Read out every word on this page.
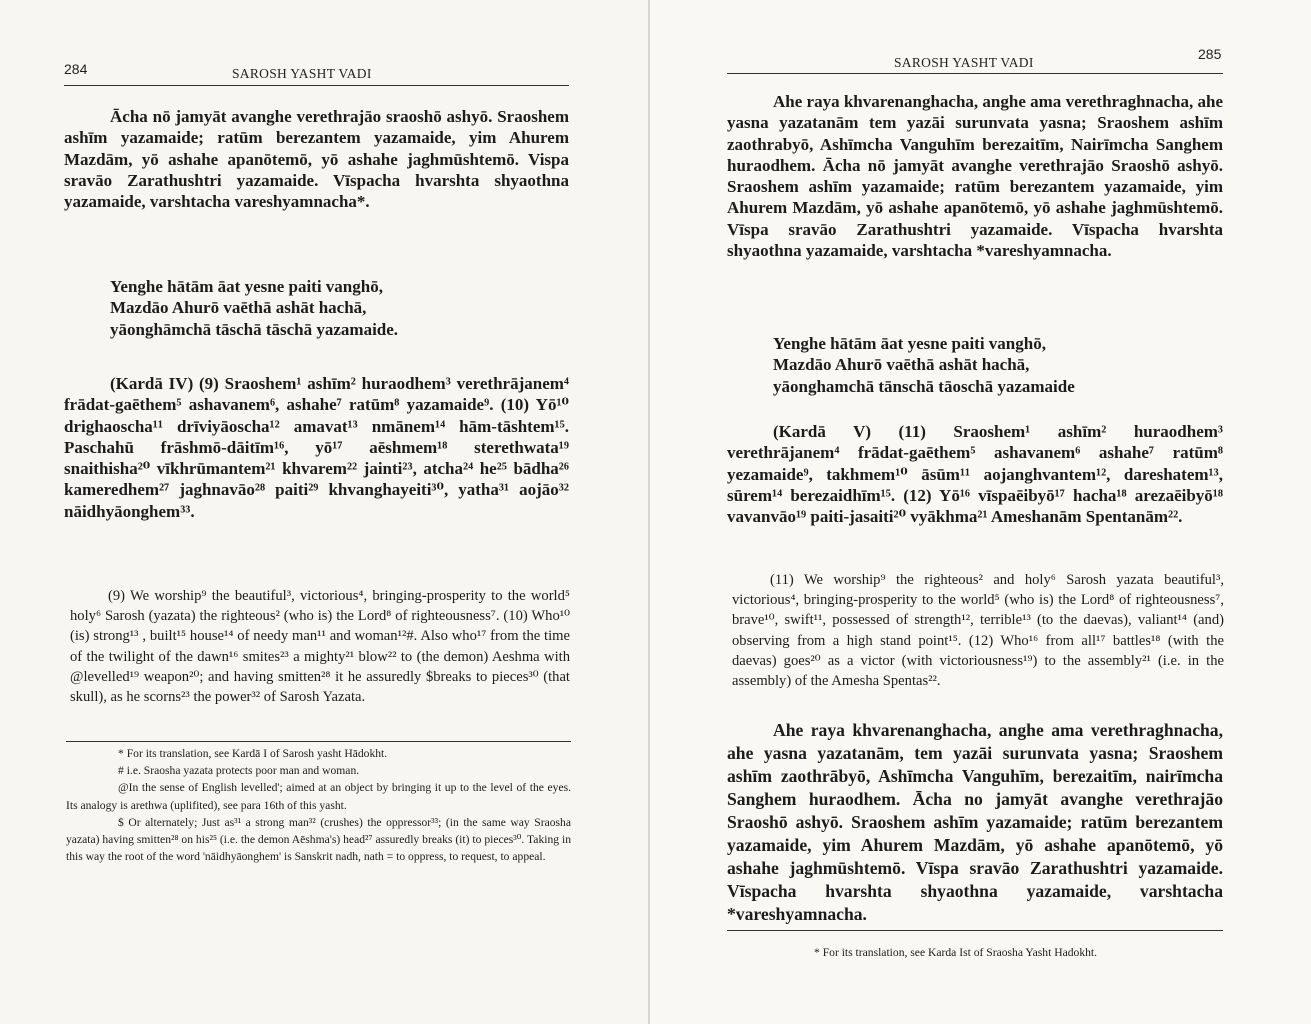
284	SAROSH YASHT VADI
Ācha nō jamyāt avanghe verethrajāo sraoshō ashyō. Sraoshem ashīm yazamaide; ratūm berezantem yazamaide, yim Ahurem Mazdām, yō ashahe apanōtemō, yō ashahe jaghmūshtemō. Vispa sravāo Zarathushtri yazamaide. Vīspacha hvarshta shyaothna yazamaide, varshtacha vareshyamnacha*.
Yenghe hātām āat yesne paiti vanghō,
Mazdāo Ahurō vaēthā ashāt hachā,
yāonghāmchā tāschā tāschā yazamaide.
(Kardā IV) (9) Sraoshem¹ ashīm² huraodhem³ verethrājanem⁴ frādat-gaēthem⁵ ashavanem⁶, ashahe⁷ ratūm⁸ yazamaide⁹. (10) Yō¹⁰ drighaoscha¹¹ drīviyāoscha¹² amavat¹³ nmānem¹⁴ hām-tāshtem¹⁵. Paschahū frāshmō-dāitīm¹⁶, yō¹⁷ aēshmem¹⁸ sterethwata¹⁹ snaithisha²⁰ vīkhrūmantem²¹ khvarem²² jainti²³, atcha²⁴ he²⁵ bādha²⁶ kameredhem²⁷ jaghnavāo²⁸ paiti²⁹ khvanghayeiti³⁰, yatha³¹ aojāo³² nāidhyāonghem³³.
(9) We worship⁹ the beautiful³, victorious⁴, bringing-prosperity to the world⁵ holy⁶ Sarosh (yazata) the righteous² (who is) the Lord⁸ of righteousness⁷. (10) Who¹⁰ (is) strong¹³ , built¹⁵ house¹⁴ of needy man¹¹ and woman¹²#. Also who¹⁷ from the time of the twilight of the dawn¹⁶ smites²³ a mighty²¹ blow²² to (the demon) Aeshma with @levelled¹⁹ weapon²⁰; and having smitten²⁸ it he assuredly $breaks to pieces³⁰ (that skull), as he scorns²³ the power³² of Sarosh Yazata.
* For its translation, see Kardā I of Sarosh yasht Hādokht.
# i.e. Sraosha yazata protects poor man and woman.
@In the sense of English levelled'; aimed at an object by bringing it up to the level of the eyes. Its analogy is arethwa (uplifited), see para 16th of this yasht.
$ Or alternately; Just as³¹ a strong man³² (crushes) the oppressor³³; (in the same way Sraosha yazata) having smitten²⁸ on his²⁵ (i.e. the demon Aēshma's) head²⁷ assuredly breaks (it) to pieces³⁰. Taking in this way the root of the word 'nāidhyāonghem' is Sanskrit nadh, nath = to oppress, to request, to appeal.
285
SAROSH YASHT VADI
Ahe raya khvarenanghacha, anghe ama verethraghnacha, ahe yasna yazatanām tem yazāi surunvata yasna; Sraoshem ashīm zaothrabyō, Ashīmcha Vanguhīm berezaitīm, Nairīmcha Sanghem huraodhem. Ācha nō jamyāt avanghe verethrajāo Sraoshō ashyō. Sraoshem ashīm yazamaide; ratūm berezantem yazamaide, yim Ahurem Mazdām, yō ashahe apanōtemō, yō ashahe jaghmūshtemō. Vīspa sravāo Zarathushtri yazamaide. Vīspacha hvarshta shyaothna yazamaide, varshtacha *vareshyamnacha.
Yenghe hātām āat yesne paiti vanghō,
Mazdāo Ahurō vaēthā ashāt hachā,
yāonghamchā tānschā tāoschā yazamaide
(Kardā V) (11) Sraoshem¹ ashīm² huraodhem³ verethrājanem⁴ frādat-gaēthem⁵ ashavanem⁶ ashahe⁷ ratūm⁸ yezamaide⁹, takhmem¹⁰ āsūm¹¹ aojanghvantem¹², dareshatem¹³, sūrem¹⁴ berezaidhīm¹⁵. (12) Yō¹⁶ vīspaēibyō¹⁷ hacha¹⁸ arezaēibyō¹⁸ vavanvāo¹⁹ paiti-jasaiti²⁰ vyākhma²¹ Ameshanām Spentanām²².
(11) We worship⁹ the righteous² and holy⁶ Sarosh yazata beautiful³, victorious⁴, bringing-prosperity to the world⁵ (who is) the Lord⁸ of righteousness⁷, brave¹⁰, swift¹¹, possessed of strength¹², terrible¹³ (to the daevas), valiant¹⁴ (and) observing from a high stand point¹⁵. (12) Who¹⁶ from all¹⁷ battles¹⁸ (with the daevas) goes²⁰ as a victor (with victoriousness¹⁹) to the assembly²¹ (i.e. in the assembly) of the Amesha Spentas²².
Ahe raya khvarenanghacha, anghe ama verethraghnacha, ahe yasna yazatanām, tem yazāi surunvata yasna; Sraoshem ashīm zaothrābyō, Ashīmcha Vanguhīm, berezaitīm, nairīmcha Sanghem huraodhem. Ācha no jamyāt avanghe verethrajāo Sraoshō ashyō. Sraoshem ashīm yazamaide; ratūm berezantem yazamaide, yim Ahurem Mazdām, yō ashahe apanōtemō, yō ashahe jaghmūshtemō. Vīspa sravāo Zarathushtri yazamaide. Vīspacha hvarshta shyaothna yazamaide, varshtacha *vareshyamnacha.
* For its translation, see Karda Ist of Sraosha Yasht Hadokht.
